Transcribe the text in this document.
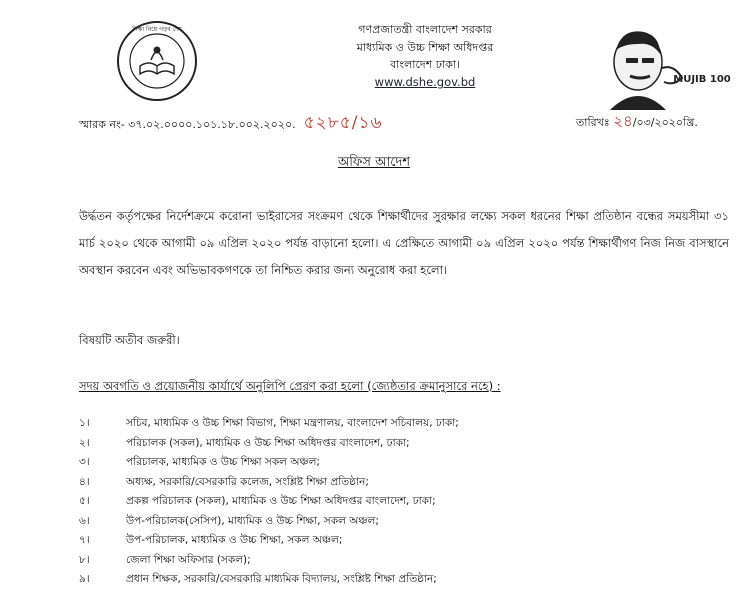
শিক্ষা নিয়ে গড়ব দেশ	গণপ্রজাতন্ত্রী বাংলাদেশ সরকার
মাধ্যমিক ও উচ্চ শিক্ষা অধিদপ্তর
বাংলাদেশ ঢাকা।
www.dshe.gov.bd	MUJIB 100
স্মারক নং- ৩৭.০২.০০০০.১০১.১৮.০০২.২০২০. ৫২৮৫/১৬	তারিখঃ ২৪/০৩/২০২০খ্রি.
অফিস আদেশ
উর্দ্ধতন কর্তৃপক্ষের নির্দেশক্রমে করোনা ভাইরাসের সংক্রমণ থেকে শিক্ষার্থীদের সুরক্ষার লক্ষ্যে সকল ধরনের শিক্ষা প্রতিষ্ঠান বন্ধের সময়সীমা ৩১ মার্চ ২০২০ থেকে আগামী ০৯ এপ্রিল ২০২০ পর্যন্ত বাড়ানো হলো। এ প্রেক্ষিতে আগামী ০৯ এপ্রিল ২০২০ পর্যন্ত শিক্ষার্থীগণ নিজ নিজ বাসস্থানে অবস্থান করবেন এবং অভিভাবকগণকে তা নিশ্চিত করার জন্য অনুরোধ করা হলো।
বিষয়টি অতীব জরুরী।
সদয় অবগতি ও প্রয়োজনীয় কার্যার্থে অনুলিপি প্রেরণ করা হলো (জ্যেষ্ঠতার ক্রমানুসারে নহে) :
১।	সচিব, মাধ্যমিক ও উচ্চ শিক্ষা বিভাগ, শিক্ষা মন্ত্রণালয়, বাংলাদেশ সচিবালয়, ঢাকা;
২।	পরিচালক (সকল), মাধ্যমিক ও উচ্চ শিক্ষা অধিদপ্তর বাংলাদেশ, ঢাকা;
৩।	পরিচালক, মাধ্যমিক ও উচ্চ শিক্ষা সকল অঞ্চল;
৪।	অধ্যক্ষ, সরকারি/বেসরকারি কলেজ, সংশ্লিষ্ট শিক্ষা প্রতিষ্ঠান;
৫।	প্রকল্প পরিচালক (সকল), মাধ্যমিক ও উচ্চ শিক্ষা অধিদপ্তর বাংলাদেশ, ঢাকা;
৬।	উপ-পরিচালক(সেসিপ), মাধ্যমিক ও উচ্চ শিক্ষা, সকল অঞ্চল;
৭।	উপ-পরিচালক, মাধ্যমিক ও উচ্চ শিক্ষা, সকল অঞ্চল;
৮।	জেলা শিক্ষা অফিসার (সকল);
৯।	প্রধান শিক্ষক, সরকারি/বেসরকারি মাধ্যমিক বিদ্যালয়, সংশ্লিষ্ট শিক্ষা প্রতিষ্ঠান;
